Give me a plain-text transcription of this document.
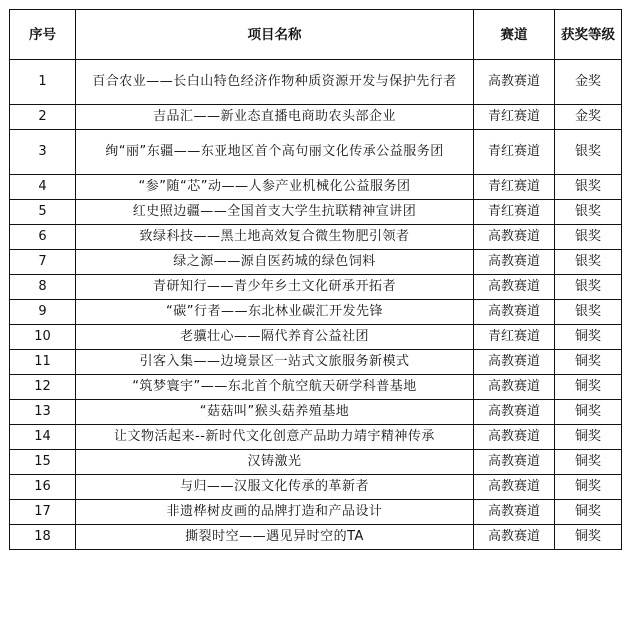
序号	项目名称	赛道	获奖等级
1	百合农业——长白山特色经济作物种质资源开发与保护先行者	高教赛道	金奖
2	吉品汇——新业态直播电商助农头部企业	青红赛道	金奖
3	绚“丽”东疆——东亚地区首个高句丽文化传承公益服务团	青红赛道	银奖
4	“参”随“芯”动——人参产业机械化公益服务团	青红赛道	银奖
5	红史照边疆——全国首支大学生抗联精神宣讲团	青红赛道	银奖
6	致绿科技——黑土地高效复合微生物肥引领者	高教赛道	银奖
7	绿之源——源自医药城的绿色饲料	高教赛道	银奖
8	青研知行——青少年乡土文化研承开拓者	高教赛道	银奖
9	“碳”行者——东北林业碳汇开发先锋	高教赛道	银奖
10	老骥壮心——隔代养育公益社团	青红赛道	铜奖
11	引客入集——边境景区一站式文旅服务新模式	高教赛道	铜奖
12	“筑梦寰宇”——东北首个航空航天研学科普基地	高教赛道	铜奖
13	“菇菇叫”猴头菇养殖基地	高教赛道	铜奖
14	让文物活起来--新时代文化创意产品助力靖宇精神传承	高教赛道	铜奖
15	汉铸激光	高教赛道	铜奖
16	与归——汉服文化传承的革新者	高教赛道	铜奖
17	非遗桦树皮画的品牌打造和产品设计	高教赛道	铜奖
18	撕裂时空——遇见异时空的TA	高教赛道	铜奖
